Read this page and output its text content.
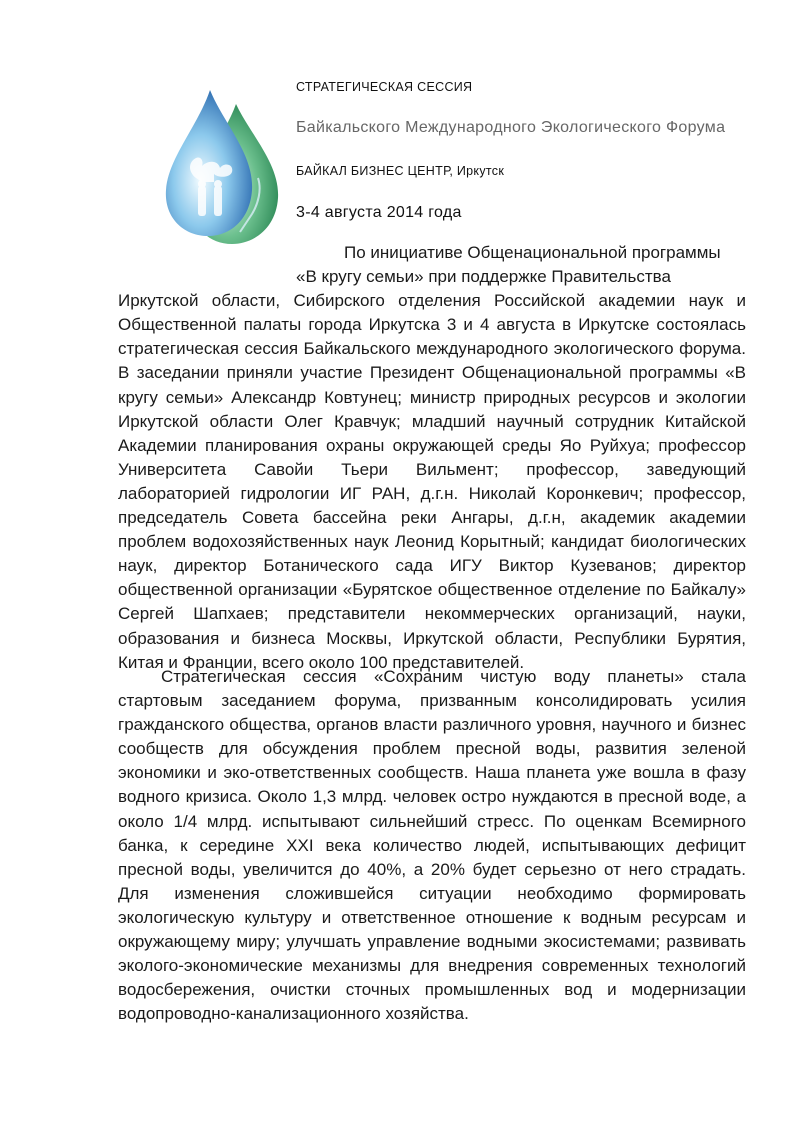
СТРАТЕГИЧЕСКАЯ СЕССИЯ
Байкальского Международного Экологического Форума
БАЙКАЛ БИЗНЕС ЦЕНТР, Иркутск
3-4 августа 2014 года
По инициативе Общенациональной программы
«В кругу семьи» при поддержке Правительства
Иркутской области, Сибирского отделения Российской академии наук и Общественной палаты города Иркутска 3 и 4 августа в Иркутске состоялась стратегическая сессия Байкальского международного экологического форума. В заседании приняли участие Президент Общенациональной программы «В кругу семьи» Александр Ковтунец; министр природных ресурсов и экологии Иркутской области Олег Кравчук; младший научный сотрудник Китайской Академии планирования охраны окружающей среды Яо Руйхуа; профессор Университета Савойи Тьери Вильмент; профессор, заведующий лабораторией гидрологии ИГ РАН, д.г.н. Николай Коронкевич; профессор, председатель Совета бассейна реки Ангары, д.г.н, академик академии проблем водохозяйственных наук Леонид Корытный; кандидат биологических наук, директор Ботанического сада ИГУ Виктор Кузеванов; директор общественной организации «Бурятское общественное отделение по Байкалу» Сергей Шапхаев; представители некоммерческих организаций, науки, образования и бизнеса Москвы, Иркутской области, Республики Бурятия, Китая и Франции, всего около 100 представителей.
Стратегическая сессия «Сохраним чистую воду планеты» стала стартовым заседанием форума, призванным консолидировать усилия гражданского общества, органов власти различного уровня, научного и бизнес сообществ для обсуждения проблем пресной воды, развития зеленой экономики и эко-ответственных сообществ. Наша планета уже вошла в фазу водного кризиса. Около 1,3 млрд. человек остро нуждаются в пресной воде, а около 1/4 млрд. испытывают сильнейший стресс. По оценкам Всемирного банка, к середине XXI века количество людей, испытывающих дефицит пресной воды, увеличится до 40%, а 20% будет серьезно от него страдать. Для изменения сложившейся ситуации необходимо формировать экологическую культуру и ответственное отношение к водным ресурсам и окружающему миру; улучшать управление водными экосистемами; развивать эколого-экономические механизмы для внедрения современных технологий водосбережения, очистки сточных промышленных вод и модернизации водопроводно-канализационного хозяйства.
